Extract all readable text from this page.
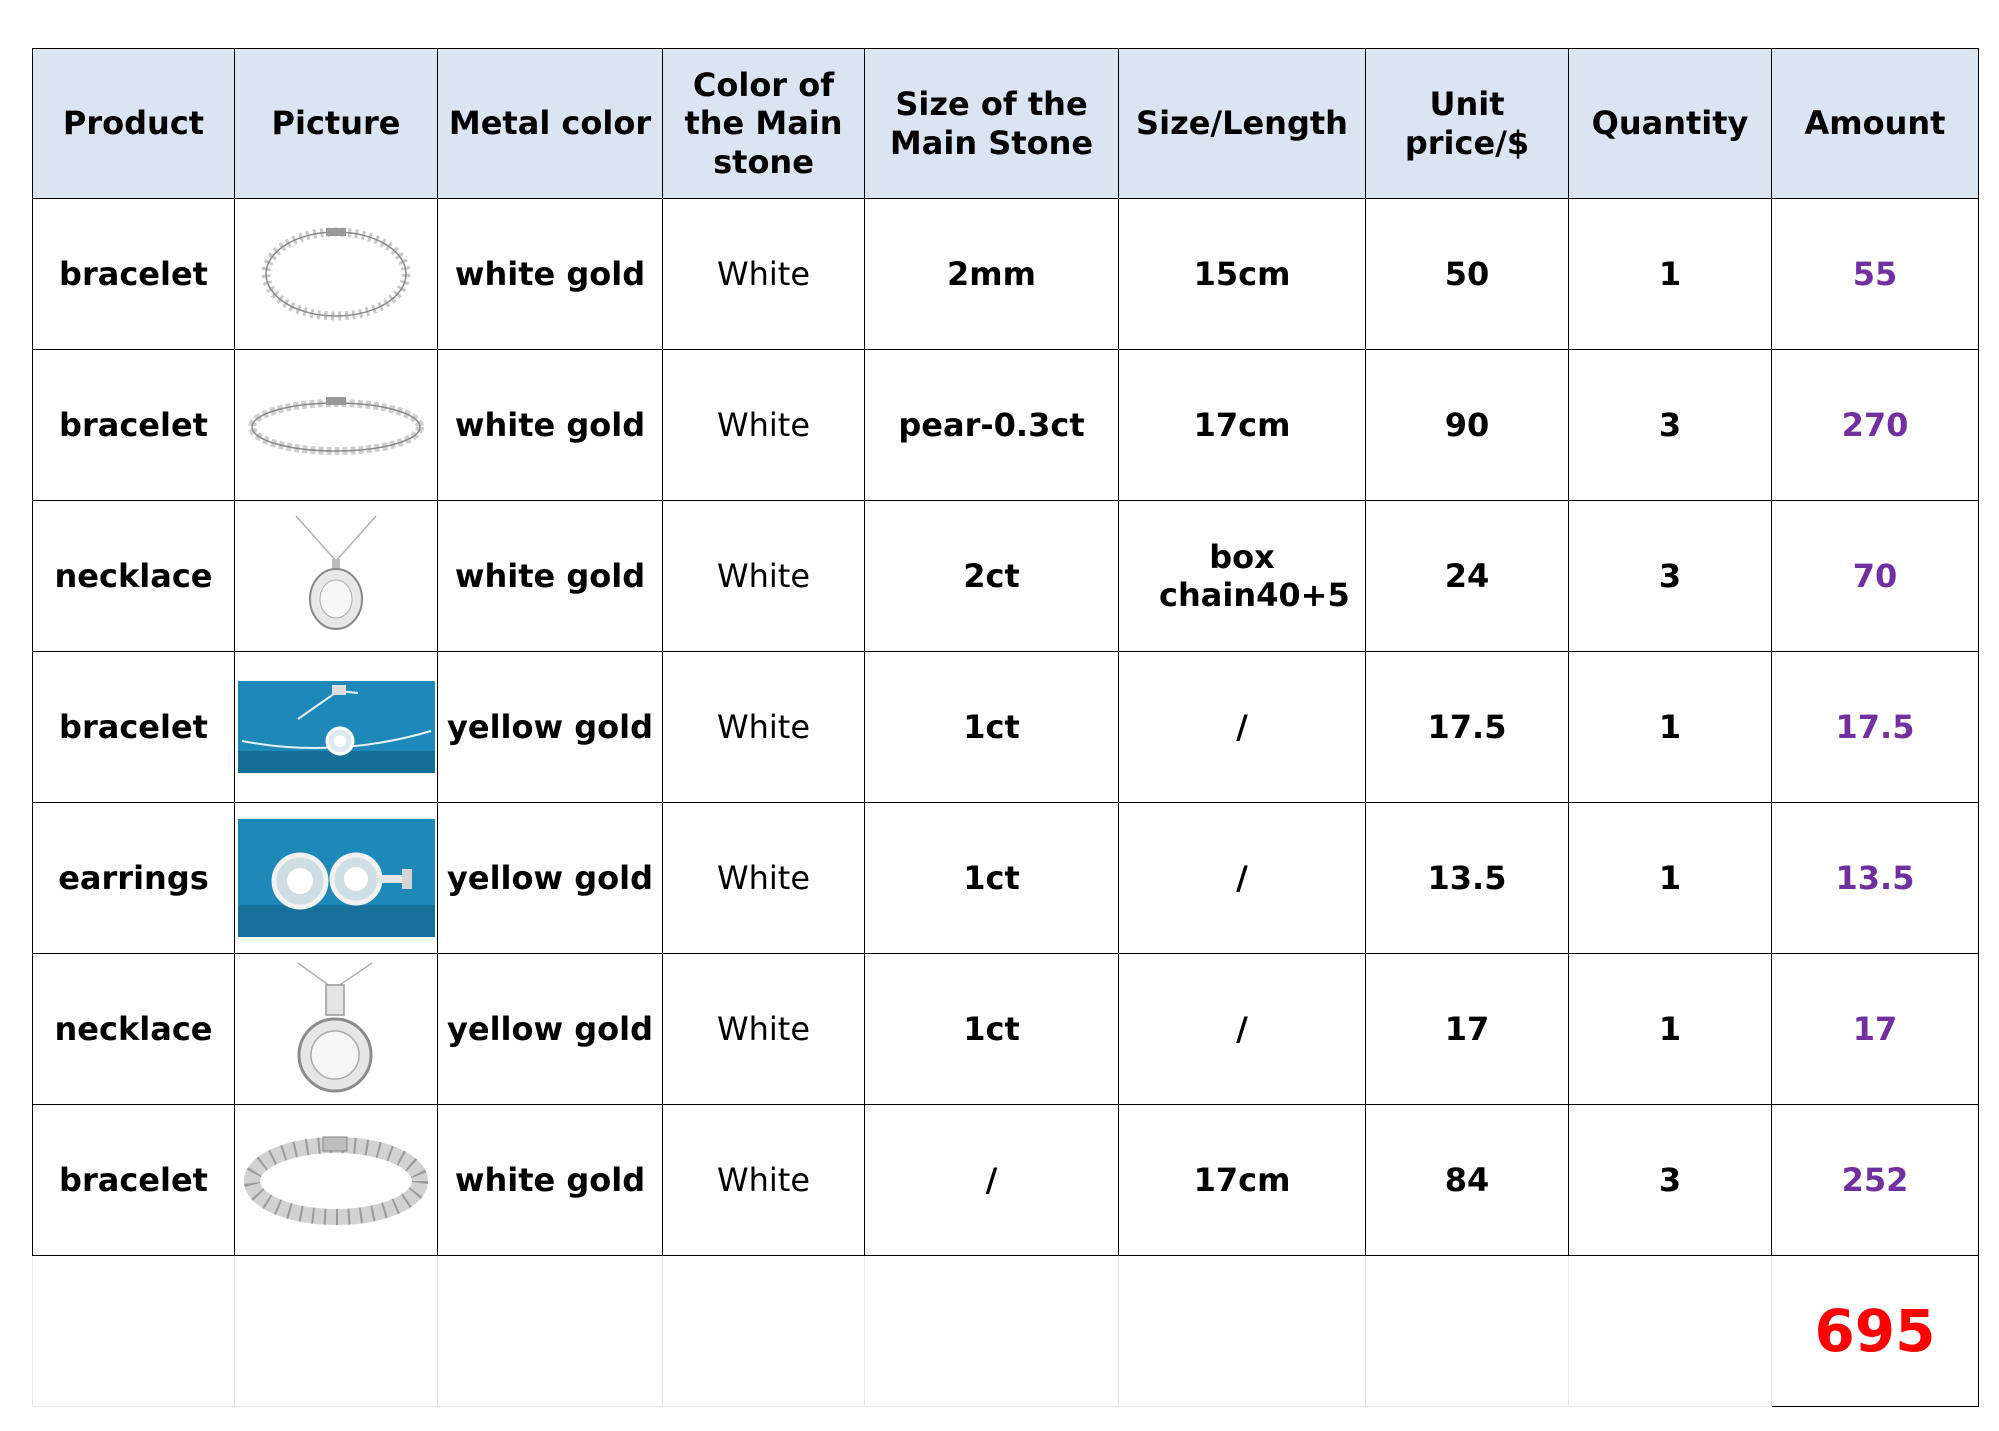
Product	Picture	Metal color	Color of the Main stone	Size of the Main Stone	Size/Length	Unit price/$	Quantity	Amount
bracelet		white gold	White	2mm	15cm	50	1	55
bracelet		white gold	White	pear-0.3ct	17cm	90	3	270
necklace		white gold	White	2ct	box chain40+5	24	3	70
bracelet		yellow gold	White	1ct	/	17.5	1	17.5
earrings		yellow gold	White	1ct	/	13.5	1	13.5
necklace		yellow gold	White	1ct	/	17	1	17
bracelet		white gold	White	/	17cm	84	3	252
								695
